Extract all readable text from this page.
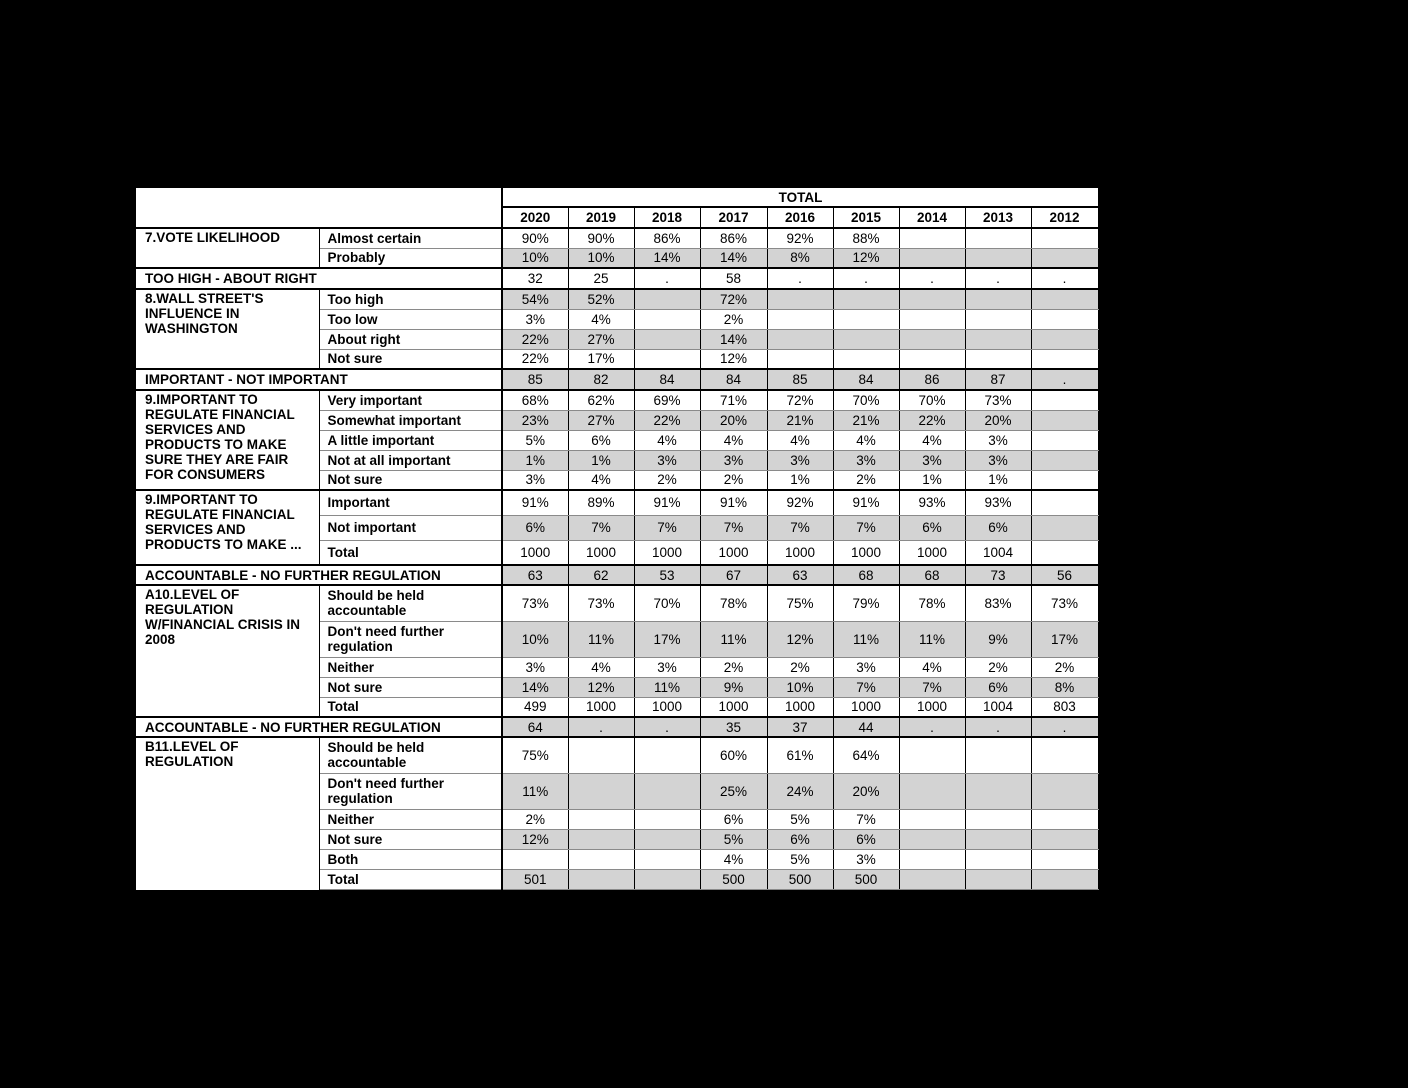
		TOTAL								
		2020	2019	2018	2017	2016	2015	2014	2013	2012
7.VOTE LIKELIHOOD	Almost certain	90%	90%	86%	86%	92%	88%			
	Probably	10%	10%	14%	14%	8%	12%			
TOO HIGH - ABOUT RIGHT		32	25	.	58	.	.	.	.	.
8.WALL STREET'S INFLUENCE IN WASHINGTON	Too high	54%	52%		72%					
	Too low	3%	4%		2%					
	About right	22%	27%		14%					
	Not sure	22%	17%		12%					
IMPORTANT - NOT IMPORTANT		85	82	84	84	85	84	86	87	.
9.IMPORTANT TO REGULATE FINANCIAL SERVICES AND PRODUCTS TO MAKE SURE THEY ARE FAIR FOR CONSUMERS	Very important	68%	62%	69%	71%	72%	70%	70%	73%	
	Somewhat important	23%	27%	22%	20%	21%	21%	22%	20%	
	A little important	5%	6%	4%	4%	4%	4%	4%	3%	
	Not at all important	1%	1%	3%	3%	3%	3%	3%	3%	
	Not sure	3%	4%	2%	2%	1%	2%	1%	1%	
9.IMPORTANT TO REGULATE FINANCIAL SERVICES AND PRODUCTS TO MAKE ...	Important	91%	89%	91%	91%	92%	91%	93%	93%	
	Not important	6%	7%	7%	7%	7%	7%	6%	6%	
	Total	1000	1000	1000	1000	1000	1000	1000	1004	
ACCOUNTABLE - NO FURTHER REGULATION		63	62	53	67	63	68	68	73	56
A10.LEVEL OF REGULATION W/FINANCIAL CRISIS IN 2008	Should be held accountable	73%	73%	70%	78%	75%	79%	78%	83%	73%
	Don't need further regulation	10%	11%	17%	11%	12%	11%	11%	9%	17%
	Neither	3%	4%	3%	2%	2%	3%	4%	2%	2%
	Not sure	14%	12%	11%	9%	10%	7%	7%	6%	8%
	Total	499	1000	1000	1000	1000	1000	1000	1004	803
ACCOUNTABLE - NO FURTHER REGULATION		64	.	.	35	37	44	.	.	.
B11.LEVEL OF REGULATION	Should be held accountable	75%			60%	61%	64%			
	Don't need further regulation	11%			25%	24%	20%			
	Neither	2%			6%	5%	7%			
	Not sure	12%			5%	6%	6%			
	Both				4%	5%	3%			
	Total	501			500	500	500			
